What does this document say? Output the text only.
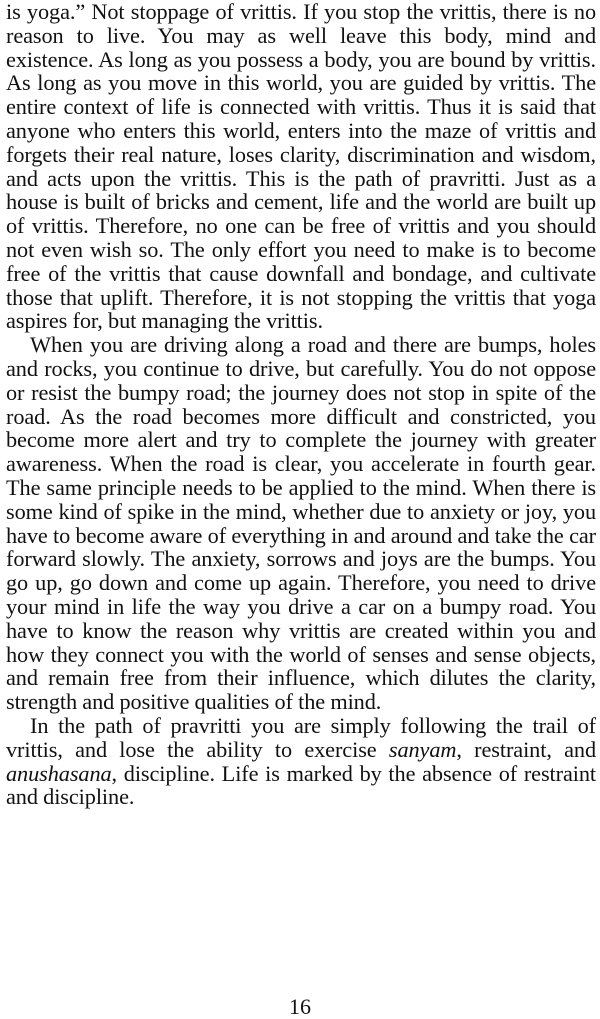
is yoga.” Not stoppage of vrittis. If you stop the vrittis, there is no reason to live. You may as well leave this body, mind and existence. As long as you possess a body, you are bound by vrittis. As long as you move in this world, you are guided by vrittis. The entire context of life is connected with vrittis. Thus it is said that anyone who enters this world, enters into the maze of vrittis and forgets their real nature, loses clarity, discrimination and wisdom, and acts upon the vrittis. This is the path of pravritti. Just as a house is built of bricks and cement, life and the world are built up of vrittis. Therefore, no one can be free of vrittis and you should not even wish so. The only effort you need to make is to become free of the vrittis that cause downfall and bondage, and cultivate those that uplift. Therefore, it is not stopping the vrittis that yoga aspires for, but managing the vrittis.

When you are driving along a road and there are bumps, holes and rocks, you continue to drive, but carefully. You do not oppose or resist the bumpy road; the journey does not stop in spite of the road. As the road becomes more difficult and constricted, you become more alert and try to complete the journey with greater awareness. When the road is clear, you accelerate in fourth gear. The same principle needs to be applied to the mind. When there is some kind of spike in the mind, whether due to anxiety or joy, you have to become aware of everything in and around and take the car forward slowly. The anxiety, sorrows and joys are the bumps. You go up, go down and come up again. Therefore, you need to drive your mind in life the way you drive a car on a bumpy road. You have to know the reason why vrittis are created within you and how they connect you with the world of senses and sense objects, and remain free from their influence, which dilutes the clarity, strength and positive qualities of the mind.

In the path of pravritti you are simply following the trail of vrittis, and lose the ability to exercise sanyam, restraint, and anushasana, discipline. Life is marked by the absence of restraint and discipline.

16
